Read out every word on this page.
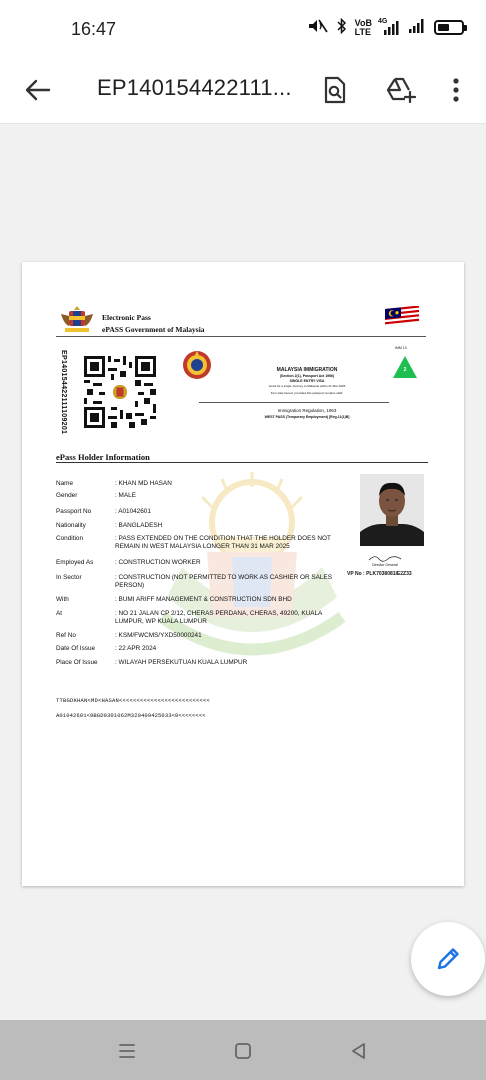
16:47	VoB
LTE
4G
EP140154422111...
Electronic Pass
ePASS Government of Malaysia
EP140154422111109201	MALAYSIA IMMIGRATION
(Section 2(1), Passport Act 1966)
SINGLE ENTRY VISA
Good for a single Journey to Malaysia within 31 Mar 2025
from date hereof, provided this passport remains valid.
Immigration Regulation, 1963
WEST PASS (Temporary Employment) [Reg.11(1)B]
IMM 13
2
ePass Holder Information
Name	: KHAN MD HASAN
Gender	: MALE
Passport No	: A01042601
Nationality	: BANGLADESH
Condition	: PASS EXTENDED ON THE CONDITION THAT THE HOLDER DOES NOT REMAIN IN WEST MALAYSIA LONGER THAN 31 MAR 2025
Employed As	: CONSTRUCTION WORKER
In Sector	: CONSTRUCTION (NOT PERMITTED TO WORK AS CASHIER OR SALES PERSON)
With	: BUMI ARIFF MANAGEMENT & CONSTRUCTION SDN BHD
At	: NO 21 JALAN CP 2/12, CHERAS PERDANA, CHERAS, 49200, KUALA LUMPUR, WP KUALA LUMPUR
Ref No	: KSM/FWCMS/YXD50000241
Date Of Issue	: 22 APR 2024
Place Of Issue	: WILAYAH PERSEKUTUAN KUALA LUMPUR
Director General
VP No : PLK7038081IE2Z33
TTBGDKHAN<MD<HASAN<<<<<<<<<<<<<<<<<<<<<<<<<<
A01042601<9BGD0301062M320409425033<0<<<<<<<<
